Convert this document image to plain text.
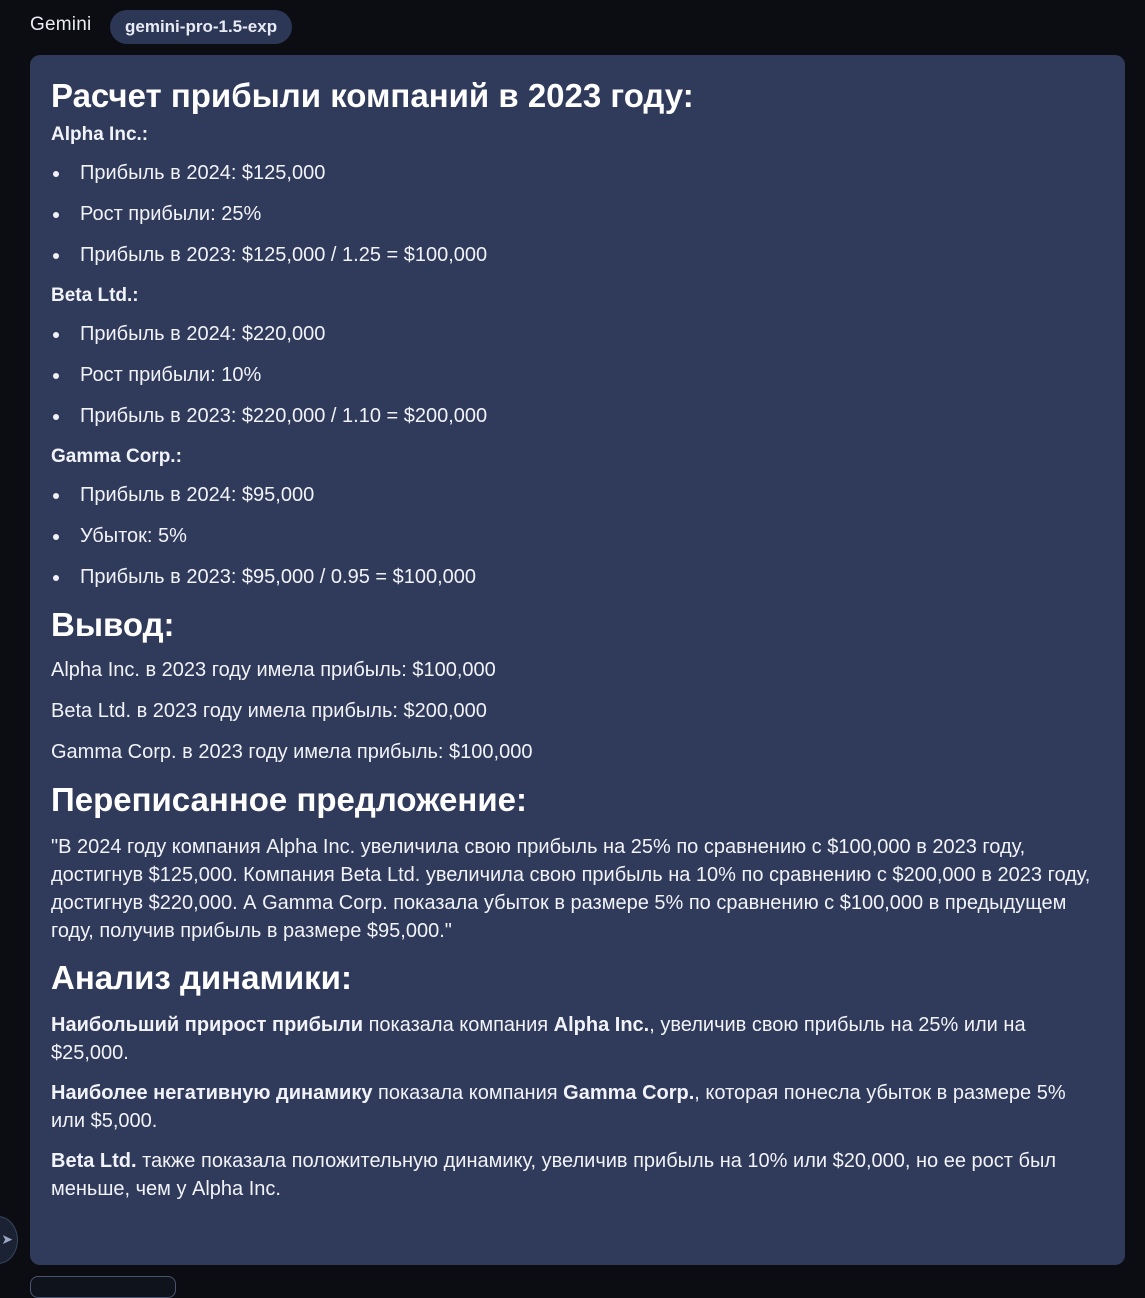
Gemini	gemini-pro-1.5-exp
Расчет прибыли компаний в 2023 году:
Alpha Inc.:
Прибыль в 2024: $125,000
Рост прибыли: 25%
Прибыль в 2023: $125,000 / 1.25 = $100,000
Beta Ltd.:
Прибыль в 2024: $220,000
Рост прибыли: 10%
Прибыль в 2023: $220,000 / 1.10 = $200,000
Gamma Corp.:
Прибыль в 2024: $95,000
Убыток: 5%
Прибыль в 2023: $95,000 / 0.95 = $100,000
Вывод:
Alpha Inc. в 2023 году имела прибыль: $100,000
Beta Ltd. в 2023 году имела прибыль: $200,000
Gamma Corp. в 2023 году имела прибыль: $100,000
Переписанное предложение:
"В 2024 году компания Alpha Inc. увеличила свою прибыль на 25% по сравнению с $100,000 в 2023 году, достигнув $125,000. Компания Beta Ltd. увеличила свою прибыль на 10% по сравнению с $200,000 в 2023 году, достигнув $220,000. А Gamma Corp. показала убыток в размере 5% по сравнению с $100,000 в предыдущем году, получив прибыль в размере $95,000."
Анализ динамики:
Наибольший прирост прибыли показала компания Alpha Inc., увеличив свою прибыль на 25% или на $25,000.
Наиболее негативную динамику показала компания Gamma Corp., которая понесла убыток в размере 5% или $5,000.
Beta Ltd. также показала положительную динамику, увеличив прибыль на 10% или $20,000, но ее рост был меньше, чем у Alpha Inc.
➤
